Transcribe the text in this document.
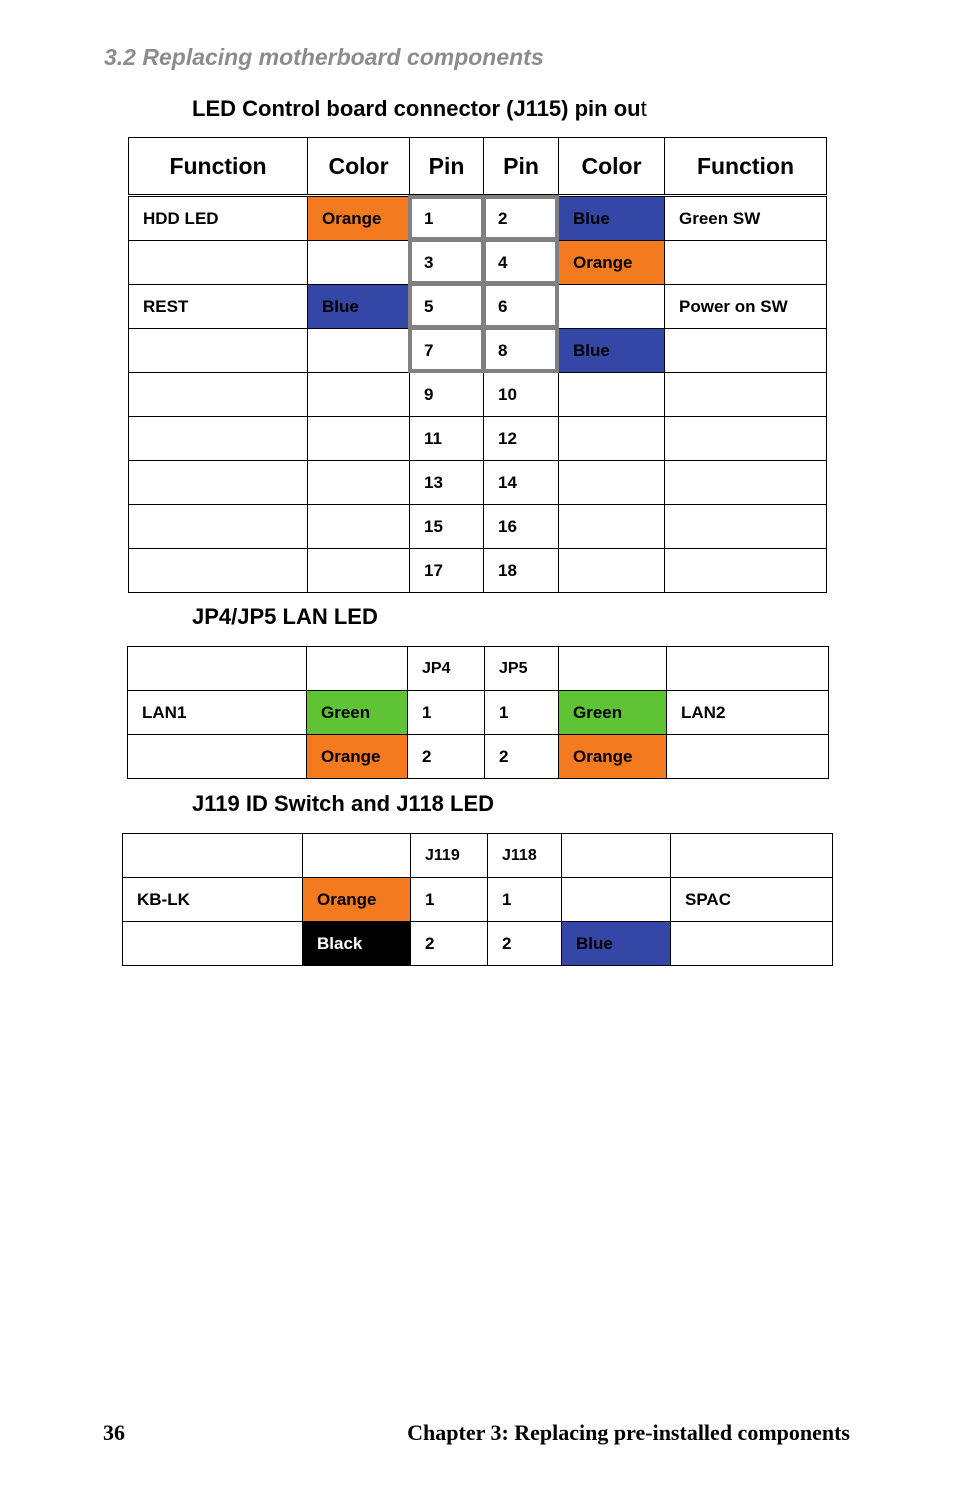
3.2 Replacing motherboard components
LED Control board connector (J115) pin out
Function	Color	Pin	Pin	Color	Function
HDD LED	Orange	1	2	Blue	Green SW
		3	4	Orange	
REST	Blue	5	6		Power on SW
		7	8	Blue	
		9	10		
		11	12		
		13	14		
		15	16		
		17	18		
JP4/JP5 LAN LED
		JP4	JP5		
LAN1	Green	1	1	Green	LAN2
	Orange	2	2	Orange	
J119 ID Switch and J118 LED
		J119	J118		
KB-LK	Orange	1	1		SPAC
	Black	2	2	Blue	
36	Chapter 3: Replacing pre-installed components
